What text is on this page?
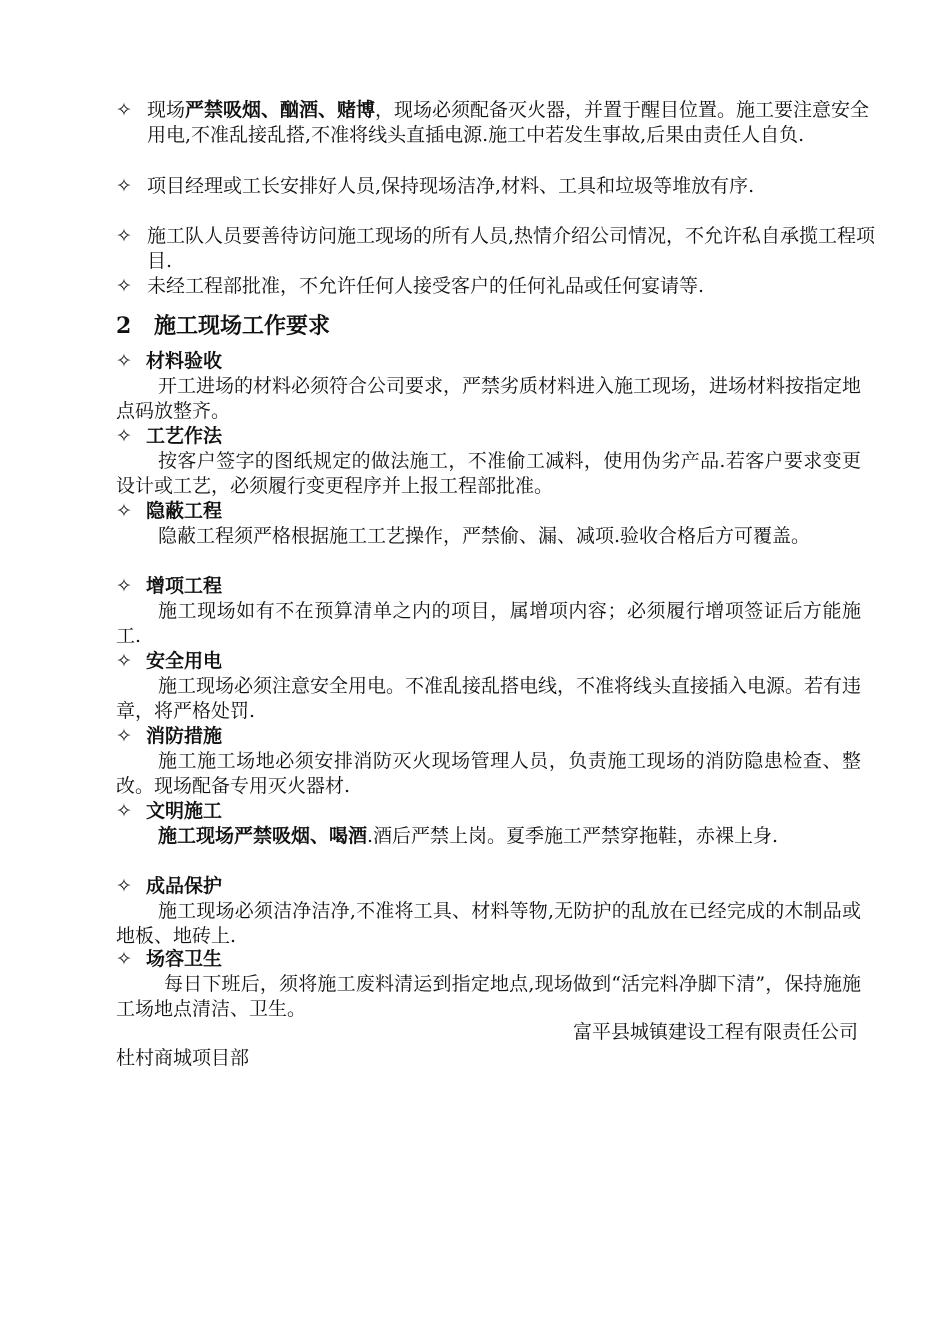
✧ 现场严禁吸烟、酗酒、赌博，现场必须配备灭火器，并置于醒目位置。施工要注意安全用电,不准乱接乱搭,不准将线头直插电源.施工中若发生事故,后果由责任人自负.
✧ 项目经理或工长安排好人员,保持现场洁净,材料、工具和垃圾等堆放有序.
✧ 施工队人员要善待访问施工现场的所有人员,热情介绍公司情况，不允许私自承揽工程项目.
✧ 未经工程部批准，不允许任何人接受客户的任何礼品或任何宴请等.
2 施工现场工作要求
✧ 材料验收
开工进场的材料必须符合公司要求，严禁劣质材料进入施工现场，进场材料按指定地点码放整齐。
✧ 工艺作法
按客户签字的图纸规定的做法施工，不准偷工减料，使用伪劣产品.若客户要求变更设计或工艺，必须履行变更程序并上报工程部批准。
✧ 隐蔽工程
隐蔽工程须严格根据施工工艺操作，严禁偷、漏、减项.验收合格后方可覆盖。
✧ 增项工程
施工现场如有不在预算清单之内的项目，属增项内容；必须履行增项签证后方能施工.
✧ 安全用电
施工现场必须注意安全用电。不准乱接乱搭电线，不准将线头直接插入电源。若有违章，将严格处罚.
✧ 消防措施
施工施工场地必须安排消防灭火现场管理人员，负责施工现场的消防隐患检查、整改。现场配备专用灭火器材.
✧ 文明施工
施工现场严禁吸烟、喝酒.酒后严禁上岗。夏季施工严禁穿拖鞋，赤裸上身.
✧ 成品保护
施工现场必须洁净洁净,不准将工具、材料等物,无防护的乱放在已经完成的木制品或地板、地砖上.
✧ 场容卫生
每日下班后，须将施工废料清运到指定地点,现场做到“活完料净脚下清”，保持施施工场地点清洁、卫生。
富平县城镇建设工程有限责任公司
杜村商城项目部
